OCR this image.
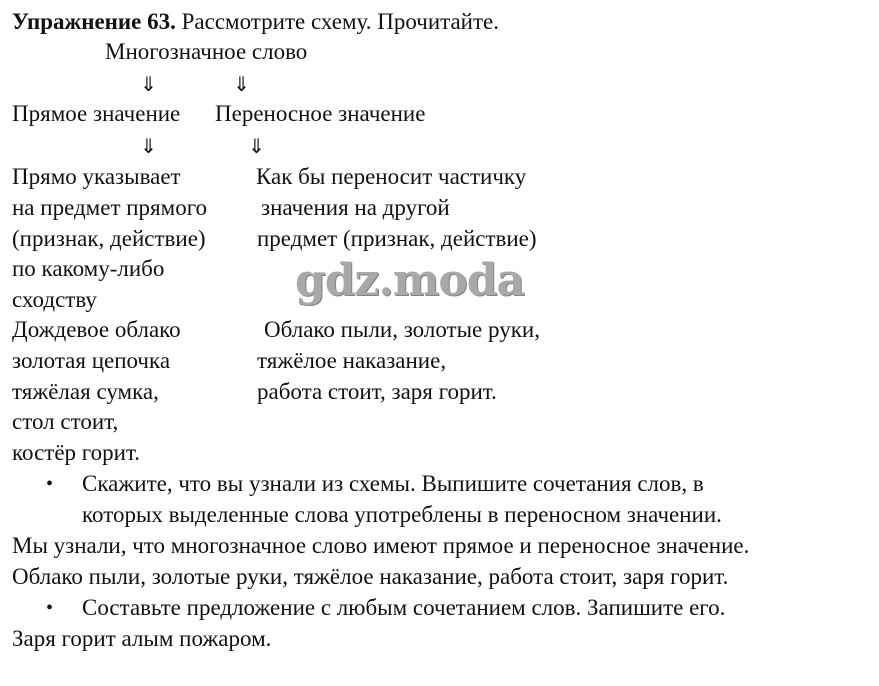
Упражнение 63. Рассмотрите схему. Прочитайте.
Многозначное слово
⇓	⇓
Прямое значение Переносное значение
⇓	⇓
Прямо указывает
на предмет прямого
(признак, действие)
по какому-либо
сходству
Как бы переносит частичку
значения на другой
предмет (признак, действие)
gdz.moda
Дождевое облако
золотая цепочка
тяжёлая сумка,
стол стоит,
костёр горит.
Облако пыли, золотые руки,
тяжёлое наказание,
работа стоит, заря горит.
• Скажите, что вы узнали из схемы. Выпишите сочетания слов, в
которых выделенные слова употреблены в переносном значении.
Мы узнали, что многозначное слово имеют прямое и переносное значение.
Облако пыли, золотые руки, тяжёлое наказание, работа стоит, заря горит.
• Составьте предложение с любым сочетанием слов. Запишите его.
Заря горит алым пожаром.
